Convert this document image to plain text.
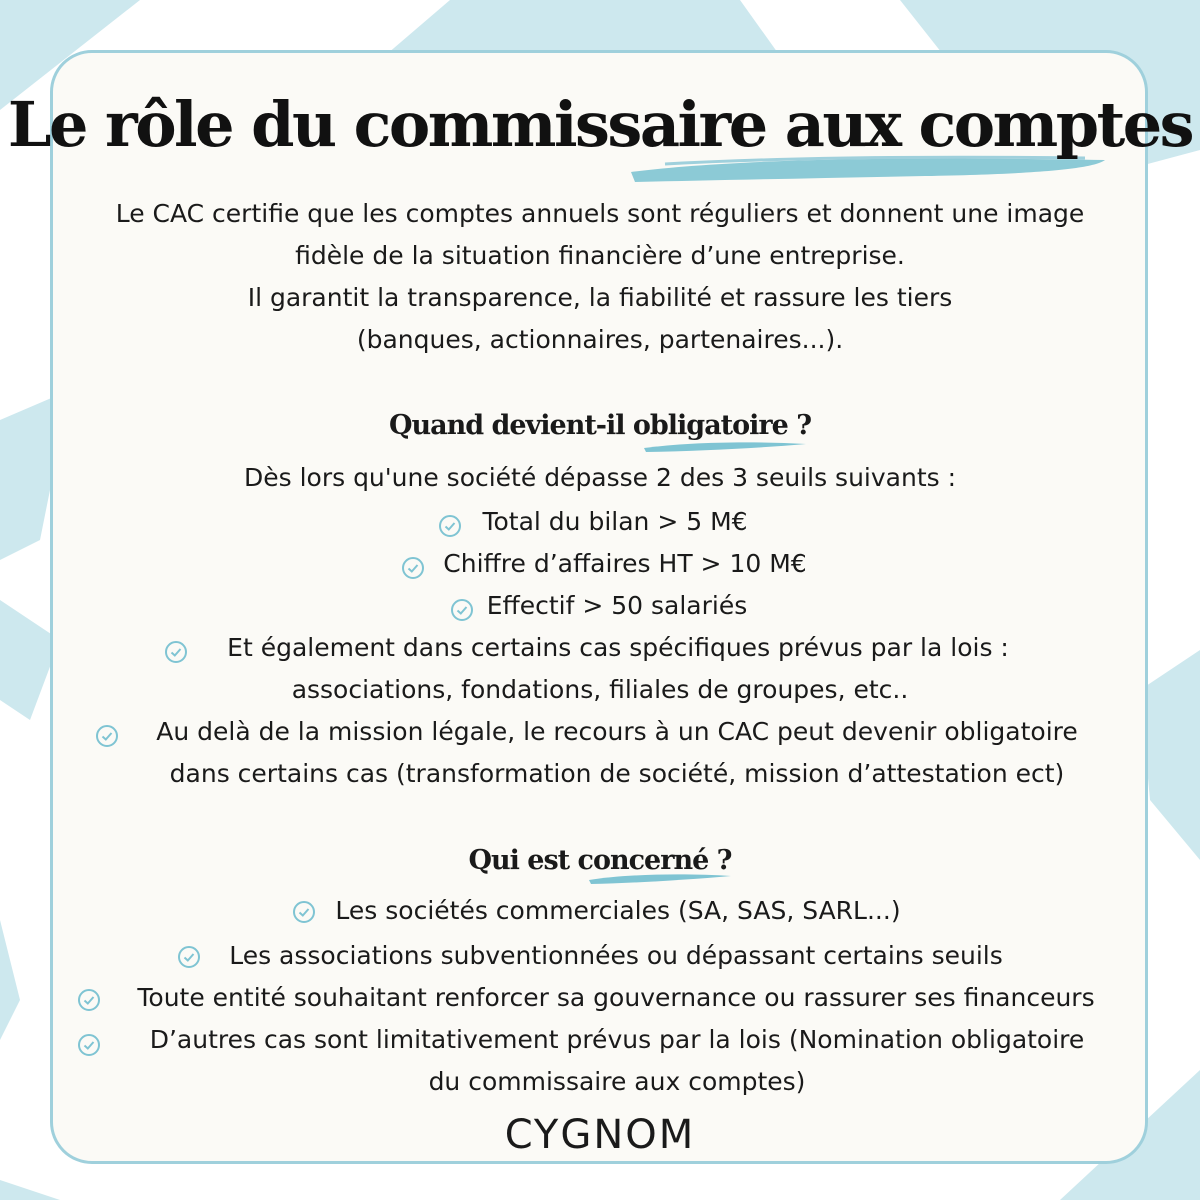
Le rôle du commissaire aux comptes
Le CAC certifie que les comptes annuels sont réguliers et donnent une image
fidèle de la situation financière d’une entreprise.
Il garantit la transparence, la fiabilité et rassure les tiers
(banques, actionnaires, partenaires...).
Quand devient-il obligatoire ?
Dès lors qu'une société dépasse 2 des 3 seuils suivants :
Total du bilan > 5 M€
Chiffre d’affaires HT > 10 M€
Effectif > 50 salariés
Et également dans certains cas spécifiques prévus par la lois :
associations, fondations, filiales de groupes, etc..
Au delà de la mission légale, le recours à un CAC peut devenir obligatoire
dans certains cas (transformation de société, mission d’attestation ect)
Qui est concerné ?
Les sociétés commerciales (SA, SAS, SARL...)
Les associations subventionnées ou dépassant certains seuils
Toute entité souhaitant renforcer sa gouvernance ou rassurer ses financeurs
D’autres cas sont limitativement prévus par la lois (Nomination obligatoire
du commissaire aux comptes)
CYGNOM
